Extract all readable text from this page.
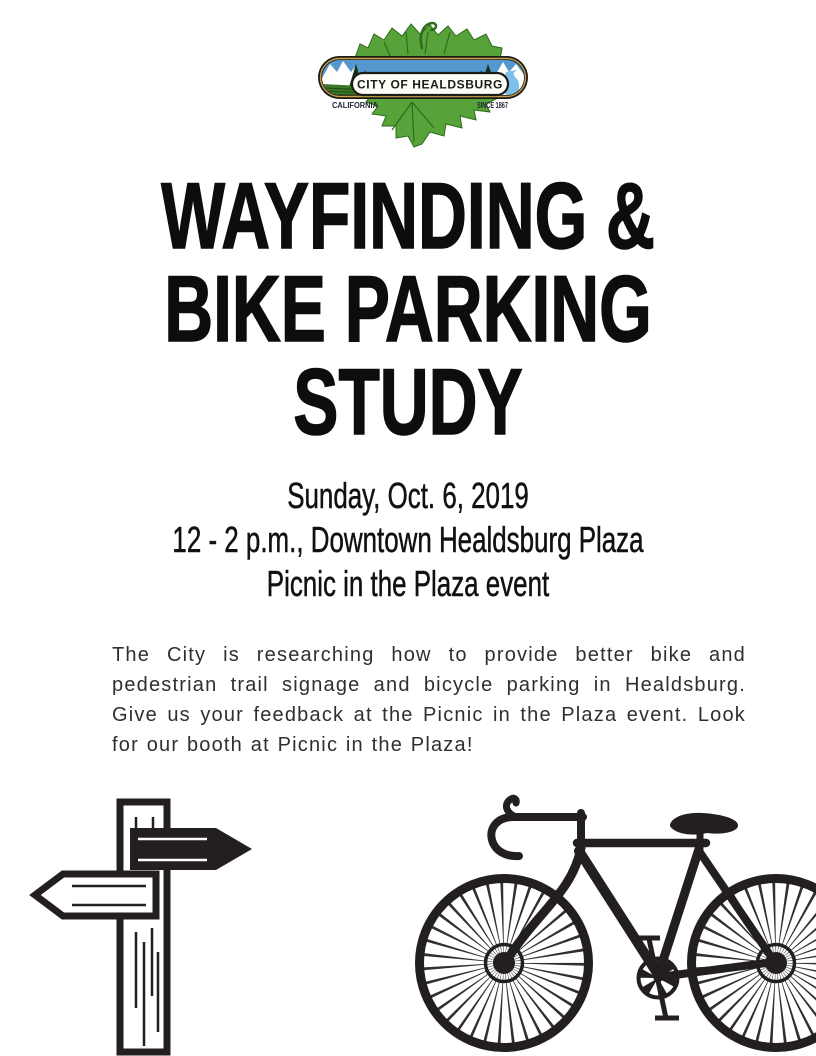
CITY OF HEALDSBURG
CALIFORNIA	SINCE 1867
WAYFINDING &
BIKE PARKING
STUDY
Sunday, Oct. 6, 2019
12 - 2 p.m., Downtown Healdsburg Plaza
Picnic in the Plaza event

The City is researching how to provide better bike and pedestrian trail signage and bicycle parking in Healdsburg. Give us your feedback at the Picnic in the Plaza event. Look for our booth at Picnic in the Plaza!
